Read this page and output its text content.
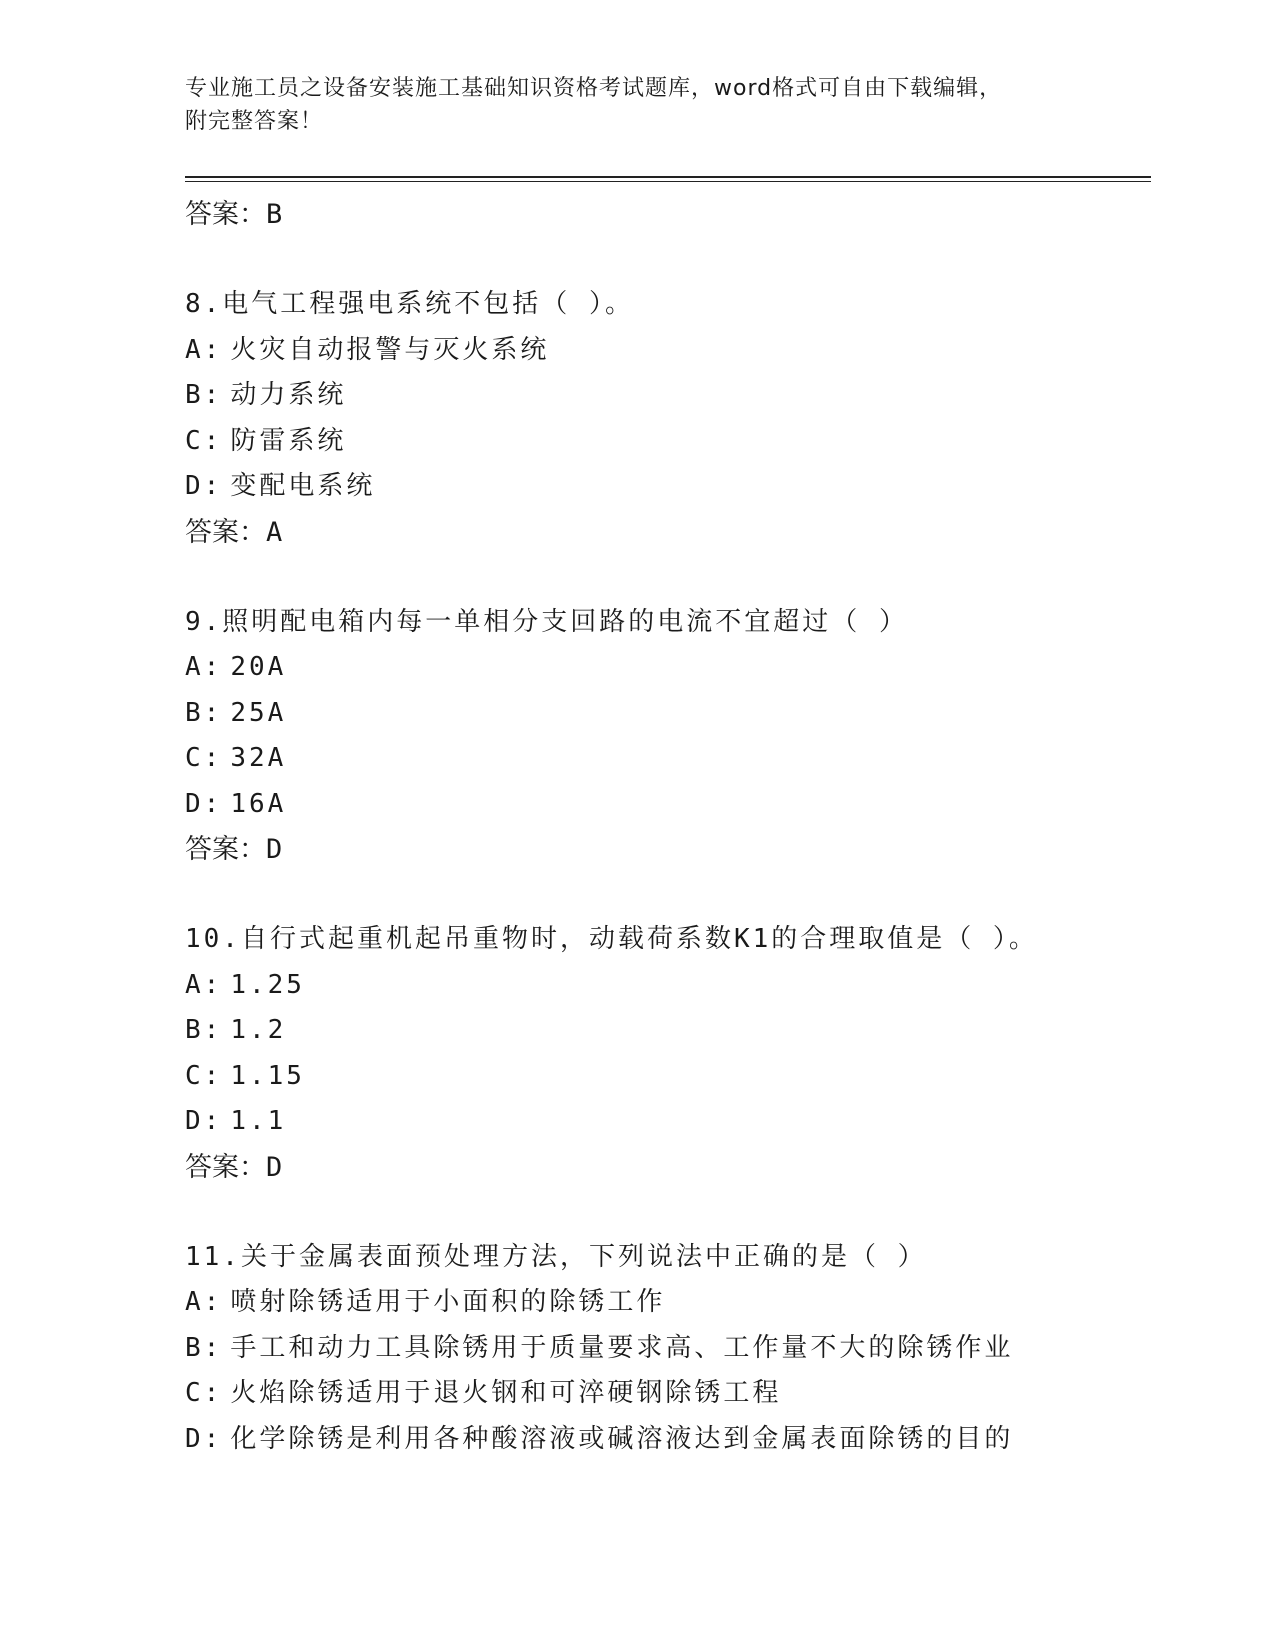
专业施工员之设备安装施工基础知识资格考试题库，word格式可自由下载编辑，
附完整答案！
答案：B
8.电气工程强电系统不包括（ ）。
A: 火灾自动报警与灭火系统
B: 动力系统
C: 防雷系统
D: 变配电系统
答案：A
9.照明配电箱内每一单相分支回路的电流不宜超过（ ）
A: 20A
B: 25A
C: 32A
D: 16A
答案：D
10.自行式起重机起吊重物时，动载荷系数K1的合理取值是（ ）。
A: 1.25
B: 1.2
C: 1.15
D: 1.1
答案：D
11.关于金属表面预处理方法，下列说法中正确的是（ ）
A: 喷射除锈适用于小面积的除锈工作
B: 手工和动力工具除锈用于质量要求高、工作量不大的除锈作业
C: 火焰除锈适用于退火钢和可淬硬钢除锈工程
D: 化学除锈是利用各种酸溶液或碱溶液达到金属表面除锈的目的
